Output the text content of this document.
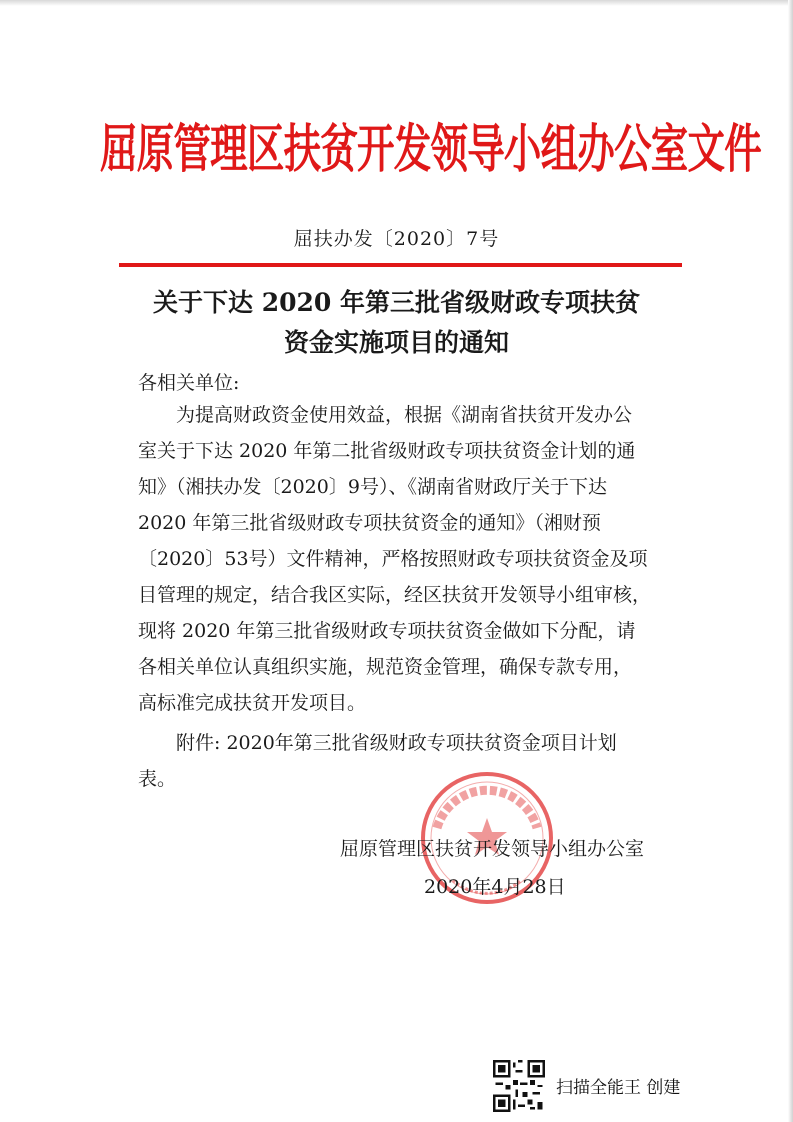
屈原管理区扶贫开发领导小组办公室文件
屈扶办发〔2020〕7号
关于下达 2020 年第三批省级财政专项扶贫
资金实施项目的通知
各相关单位:
为提高财政资金使用效益，根据《湖南省扶贫开发办公
室关于下达 2020 年第二批省级财政专项扶贫资金计划的通
知》（湘扶办发〔2020〕9号）、《湖南省财政厅关于下达
2020 年第三批省级财政专项扶贫资金的通知》（湘财预
〔2020〕53号）文件精神，严格按照财政专项扶贫资金及项
目管理的规定，结合我区实际，经区扶贫开发领导小组审核，
现将 2020 年第三批省级财政专项扶贫资金做如下分配，请
各相关单位认真组织实施，规范资金管理，确保专款专用，
高标准完成扶贫开发项目。
附件: 2020年第三批省级财政专项扶贫资金项目计划
表。
屈原管理区扶贫开发领导小组办公室
2020年4月28日
扫描全能王 创建
